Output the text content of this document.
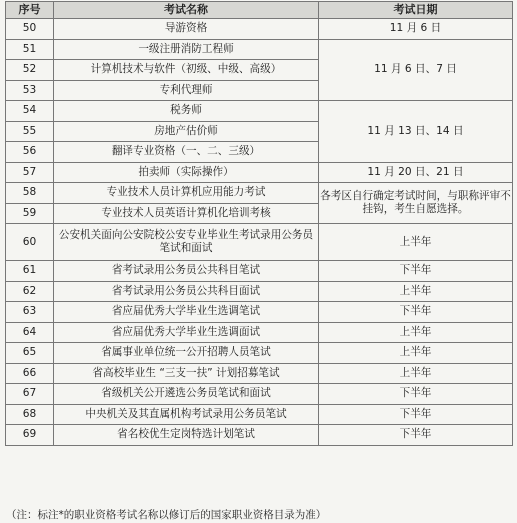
序号	考试名称	考试日期
50	导游资格	11 月 6 日
51	一级注册消防工程师	11 月 6 日、7 日
52	计算机技术与软件（初级、中级、高级）	
53	专利代理师	
54	税务师	11 月 13 日、14 日
55	房地产估价师	
56	翻译专业资格（一、二、三级）	
57	拍卖师（实际操作）	11 月 20 日、21 日
58	专业技术人员计算机应用能力考试	各考区自行确定考试时间，与职称评审不挂钩，考生自愿选择。
59	专业技术人员英语计算机化培训考核	
60	公安机关面向公安院校公安专业毕业生考试录用公务员笔试和面试	上半年
61	省考试录用公务员公共科目笔试	下半年
62	省考试录用公务员公共科目面试	上半年
63	省应届优秀大学毕业生选调笔试	下半年
64	省应届优秀大学毕业生选调面试	上半年
65	省属事业单位统一公开招聘人员笔试	上半年
66	省高校毕业生 “三支一扶” 计划招募笔试	上半年
67	省级机关公开遴选公务员笔试和面试	下半年
68	中央机关及其直属机构考试录用公务员笔试	下半年
69	省名校优生定岗特选计划笔试	下半年
（注：标注*的职业资格考试名称以修订后的国家职业资格目录为准）
